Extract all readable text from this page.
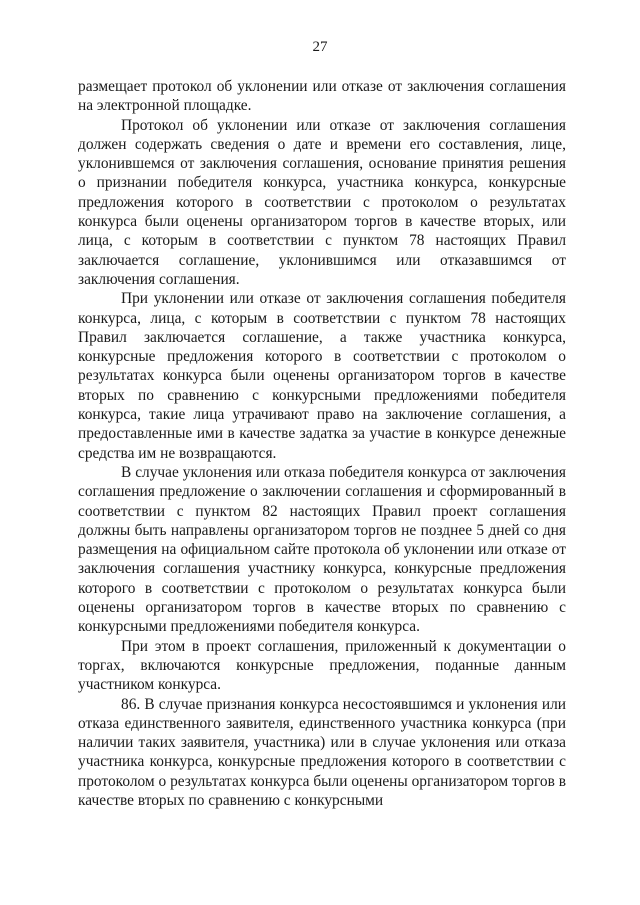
27

размещает протокол об уклонении или отказе от заключения соглашения на электронной площадке.

Протокол об уклонении или отказе от заключения соглашения должен содержать сведения о дате и времени его составления, лице, уклонившемся от заключения соглашения, основание принятия решения о признании победителя конкурса, участника конкурса, конкурсные предложения которого в соответствии с протоколом о результатах конкурса были оценены организатором торгов в качестве вторых, или лица, с которым в соответствии с пунктом 78 настоящих Правил заключается соглашение, уклонившимся или отказавшимся от заключения соглашения.

При уклонении или отказе от заключения соглашения победителя конкурса, лица, с которым в соответствии с пунктом 78 настоящих Правил заключается соглашение, а также участника конкурса, конкурсные предложения которого в соответствии с протоколом о результатах конкурса были оценены организатором торгов в качестве вторых по сравнению с конкурсными предложениями победителя конкурса, такие лица утрачивают право на заключение соглашения, а предоставленные ими в качестве задатка за участие в конкурсе денежные средства им не возвращаются.

В случае уклонения или отказа победителя конкурса от заключения соглашения предложение о заключении соглашения и сформированный в соответствии с пунктом 82 настоящих Правил проект соглашения должны быть направлены организатором торгов не позднее 5 дней со дня размещения на официальном сайте протокола об уклонении или отказе от заключения соглашения участнику конкурса, конкурсные предложения которого в соответствии с протоколом о результатах конкурса были оценены организатором торгов в качестве вторых по сравнению с конкурсными предложениями победителя конкурса.

При этом в проект соглашения, приложенный к документации о торгах, включаются конкурсные предложения, поданные данным участником конкурса.

86. В случае признания конкурса несостоявшимся и уклонения или отказа единственного заявителя, единственного участника конкурса (при наличии таких заявителя, участника) или в случае уклонения или отказа участника конкурса, конкурсные предложения которого в соответствии с протоколом о результатах конкурса были оценены организатором торгов в качестве вторых по сравнению с конкурсными
